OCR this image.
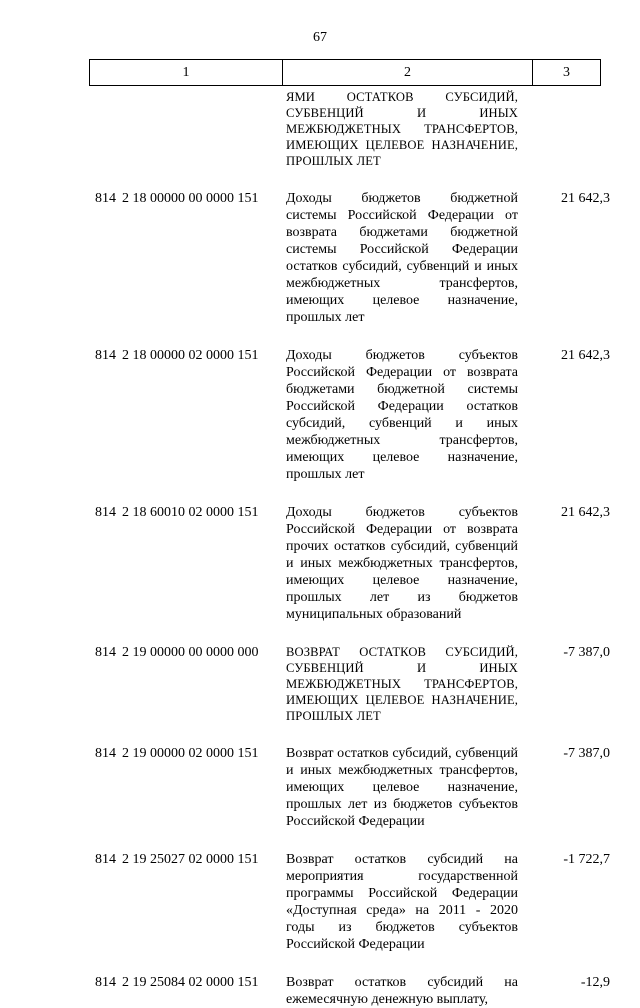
67
1	2	3
ЯМИ ОСТАТКОВ СУБСИДИЙ, СУБВЕНЦИЙ И ИНЫХ МЕЖБЮДЖЕТНЫХ ТРАНСФЕРТОВ, ИМЕЮЩИХ ЦЕЛЕВОЕ НАЗНАЧЕНИЕ, ПРОШЛЫХ ЛЕТ
814 2 18 00000 00 0000 151 Доходы бюджетов бюджетной системы Российской Федерации от возврата бюджетами бюджетной системы Российской Федерации остатков субсидий, субвенций и иных межбюджетных трансфертов, имеющих целевое назначение, прошлых лет
21 642,3
814 2 18 00000 02 0000 151 Доходы бюджетов субъектов Российской Федерации от возврата бюджетами бюджетной системы Российской Федерации остатков субсидий, субвенций и иных межбюджетных трансфертов, имеющих целевое назначение, прошлых лет
21 642,3
814 2 18 60010 02 0000 151 Доходы бюджетов субъектов Российской Федерации от возврата прочих остатков субсидий, субвенций и иных межбюджетных трансфертов, имеющих целевое назначение, прошлых лет из бюджетов муниципальных образований
21 642,3
814 2 19 00000 00 0000 000 ВОЗВРАТ ОСТАТКОВ СУБСИДИЙ, СУБВЕНЦИЙ И ИНЫХ МЕЖБЮДЖЕТНЫХ ТРАНСФЕРТОВ, ИМЕЮЩИХ ЦЕЛЕВОЕ НАЗНАЧЕНИЕ, ПРОШЛЫХ ЛЕТ
-7 387,0
814 2 19 00000 02 0000 151 Возврат остатков субсидий, субвенций и иных межбюджетных трансфертов, имеющих целевое назначение, прошлых лет из бюджетов субъектов Российской Федерации
-7 387,0
814 2 19 25027 02 0000 151 Возврат остатков субсидий на мероприятия государственной программы Российской Федерации «Доступная среда» на 2011 - 2020 годы из бюджетов субъектов Российской Федерации
-1 722,7
814 2 19 25084 02 0000 151 Возврат остатков субсидий на ежемесячную денежную выплату,
-12,9
